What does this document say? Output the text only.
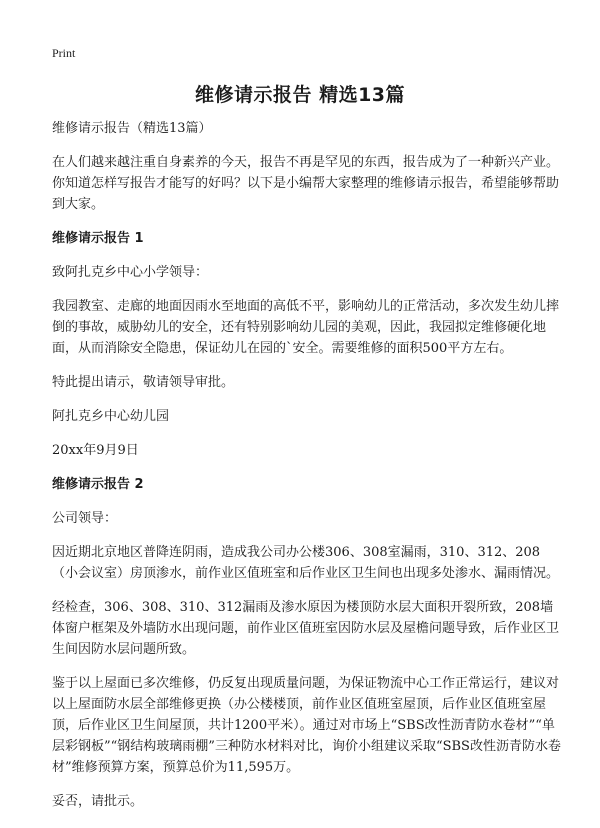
Print
维修请示报告 精选13篇

维修请示报告（精选13篇）

在人们越来越注重自身素养的今天，报告不再是罕见的东西，报告成为了一种新兴产业。你知道怎样写报告才能写的好吗？以下是小编帮大家整理的维修请示报告，希望能够帮助到大家。

维修请示报告 1

致阿扎克乡中心小学领导：

我园教室、走廊的地面因雨水至地面的高低不平，影响幼儿的正常活动，多次发生幼儿摔倒的事故，威胁幼儿的安全，还有特别影响幼儿园的美观，因此，我园拟定维修硬化地面，从而消除安全隐患，保证幼儿在园的`安全。需要维修的面积500平方左右。

特此提出请示，敬请领导审批。

阿扎克乡中心幼儿园

20xx年9月9日

维修请示报告 2

公司领导：

因近期北京地区普降连阴雨，造成我公司办公楼306、308室漏雨，310、312、208（小会议室）房顶渗水，前作业区值班室和后作业区卫生间也出现多处渗水、漏雨情况。

经检查，306、308、310、312漏雨及渗水原因为楼顶防水层大面积开裂所致，208墙体窗户框架及外墙防水出现问题，前作业区值班室因防水层及屋檐问题导致，后作业区卫生间因防水层问题所致。

鉴于以上屋面已多次维修，仍反复出现质量问题，为保证物流中心工作正常运行，建议对以上屋面防水层全部维修更换（办公楼楼顶，前作业区值班室屋顶，后作业区值班室屋顶，后作业区卫生间屋顶，共计1200平米）。通过对市场上“SBS改性沥青防水卷材”“单层彩钢板”“钢结构玻璃雨棚”三种防水材料对比，询价小组建议采取“SBS改性沥青防水卷材”维修预算方案，预算总价为11,595万。

妥否，请批示。
